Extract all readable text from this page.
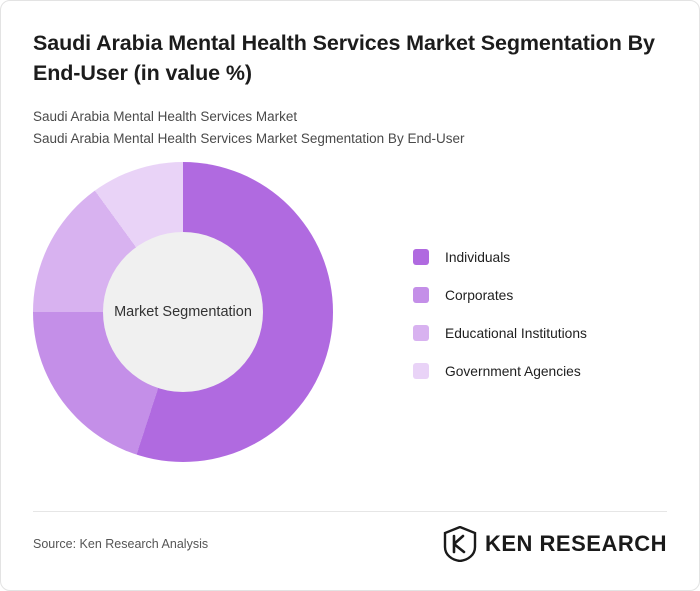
Saudi Arabia Mental Health Services Market Segmentation By End-User (in value %)
Saudi Arabia Mental Health Services Market
Saudi Arabia Mental Health Services Market Segmentation By End-User
Market Segmentation
Individuals
Corporates
Educational Institutions
Government Agencies
Source: Ken Research Analysis	KEN RESEARCH
